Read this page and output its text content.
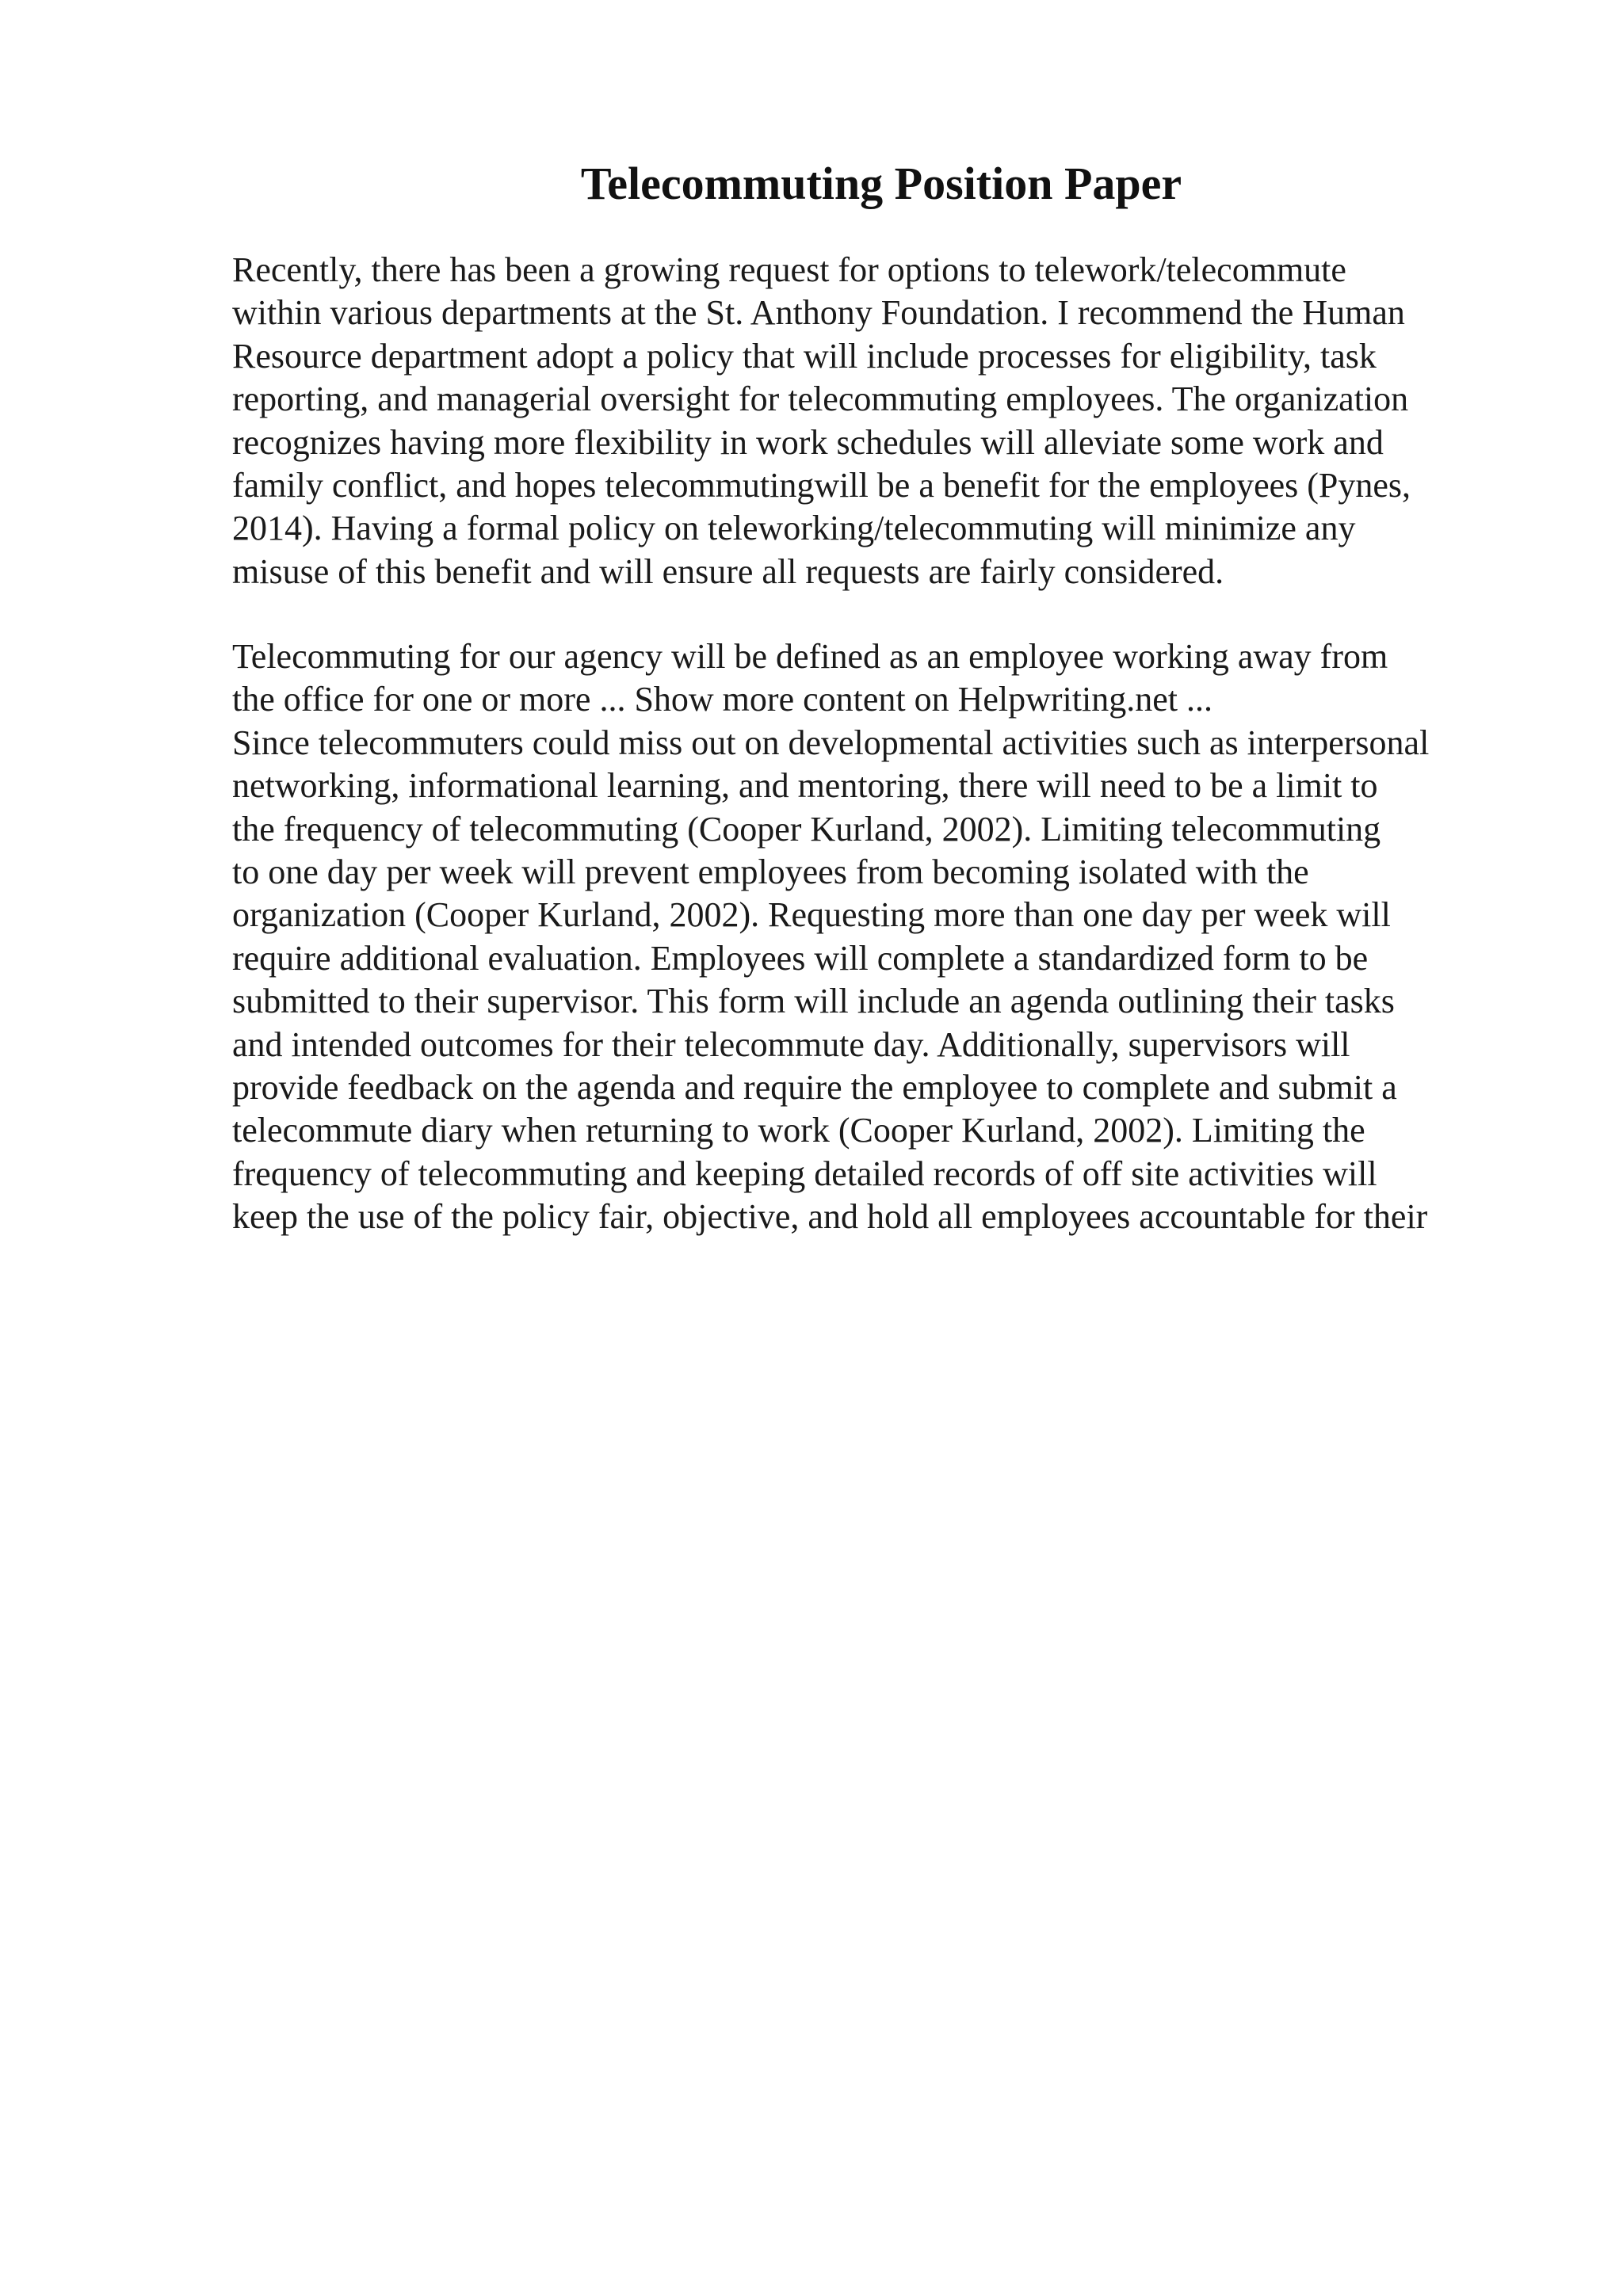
Telecommuting Position Paper
Recently, there has been a growing request for options to telework/telecommute
within various departments at the St. Anthony Foundation. I recommend the Human
Resource department adopt a policy that will include processes for eligibility, task
reporting, and managerial oversight for telecommuting employees. The organization
recognizes having more flexibility in work schedules will alleviate some work and
family conflict, and hopes telecommutingwill be a benefit for the employees (Pynes,
2014). Having a formal policy on teleworking/telecommuting will minimize any
misuse of this benefit and will ensure all requests are fairly considered.
Telecommuting for our agency will be defined as an employee working away from
the office for one or more ... Show more content on Helpwriting.net ...
Since telecommuters could miss out on developmental activities such as interpersonal
networking, informational learning, and mentoring, there will need to be a limit to
the frequency of telecommuting (Cooper Kurland, 2002). Limiting telecommuting
to one day per week will prevent employees from becoming isolated with the
organization (Cooper Kurland, 2002). Requesting more than one day per week will
require additional evaluation. Employees will complete a standardized form to be
submitted to their supervisor. This form will include an agenda outlining their tasks
and intended outcomes for their telecommute day. Additionally, supervisors will
provide feedback on the agenda and require the employee to complete and submit a
telecommute diary when returning to work (Cooper Kurland, 2002). Limiting the
frequency of telecommuting and keeping detailed records of off site activities will
keep the use of the policy fair, objective, and hold all employees accountable for their
